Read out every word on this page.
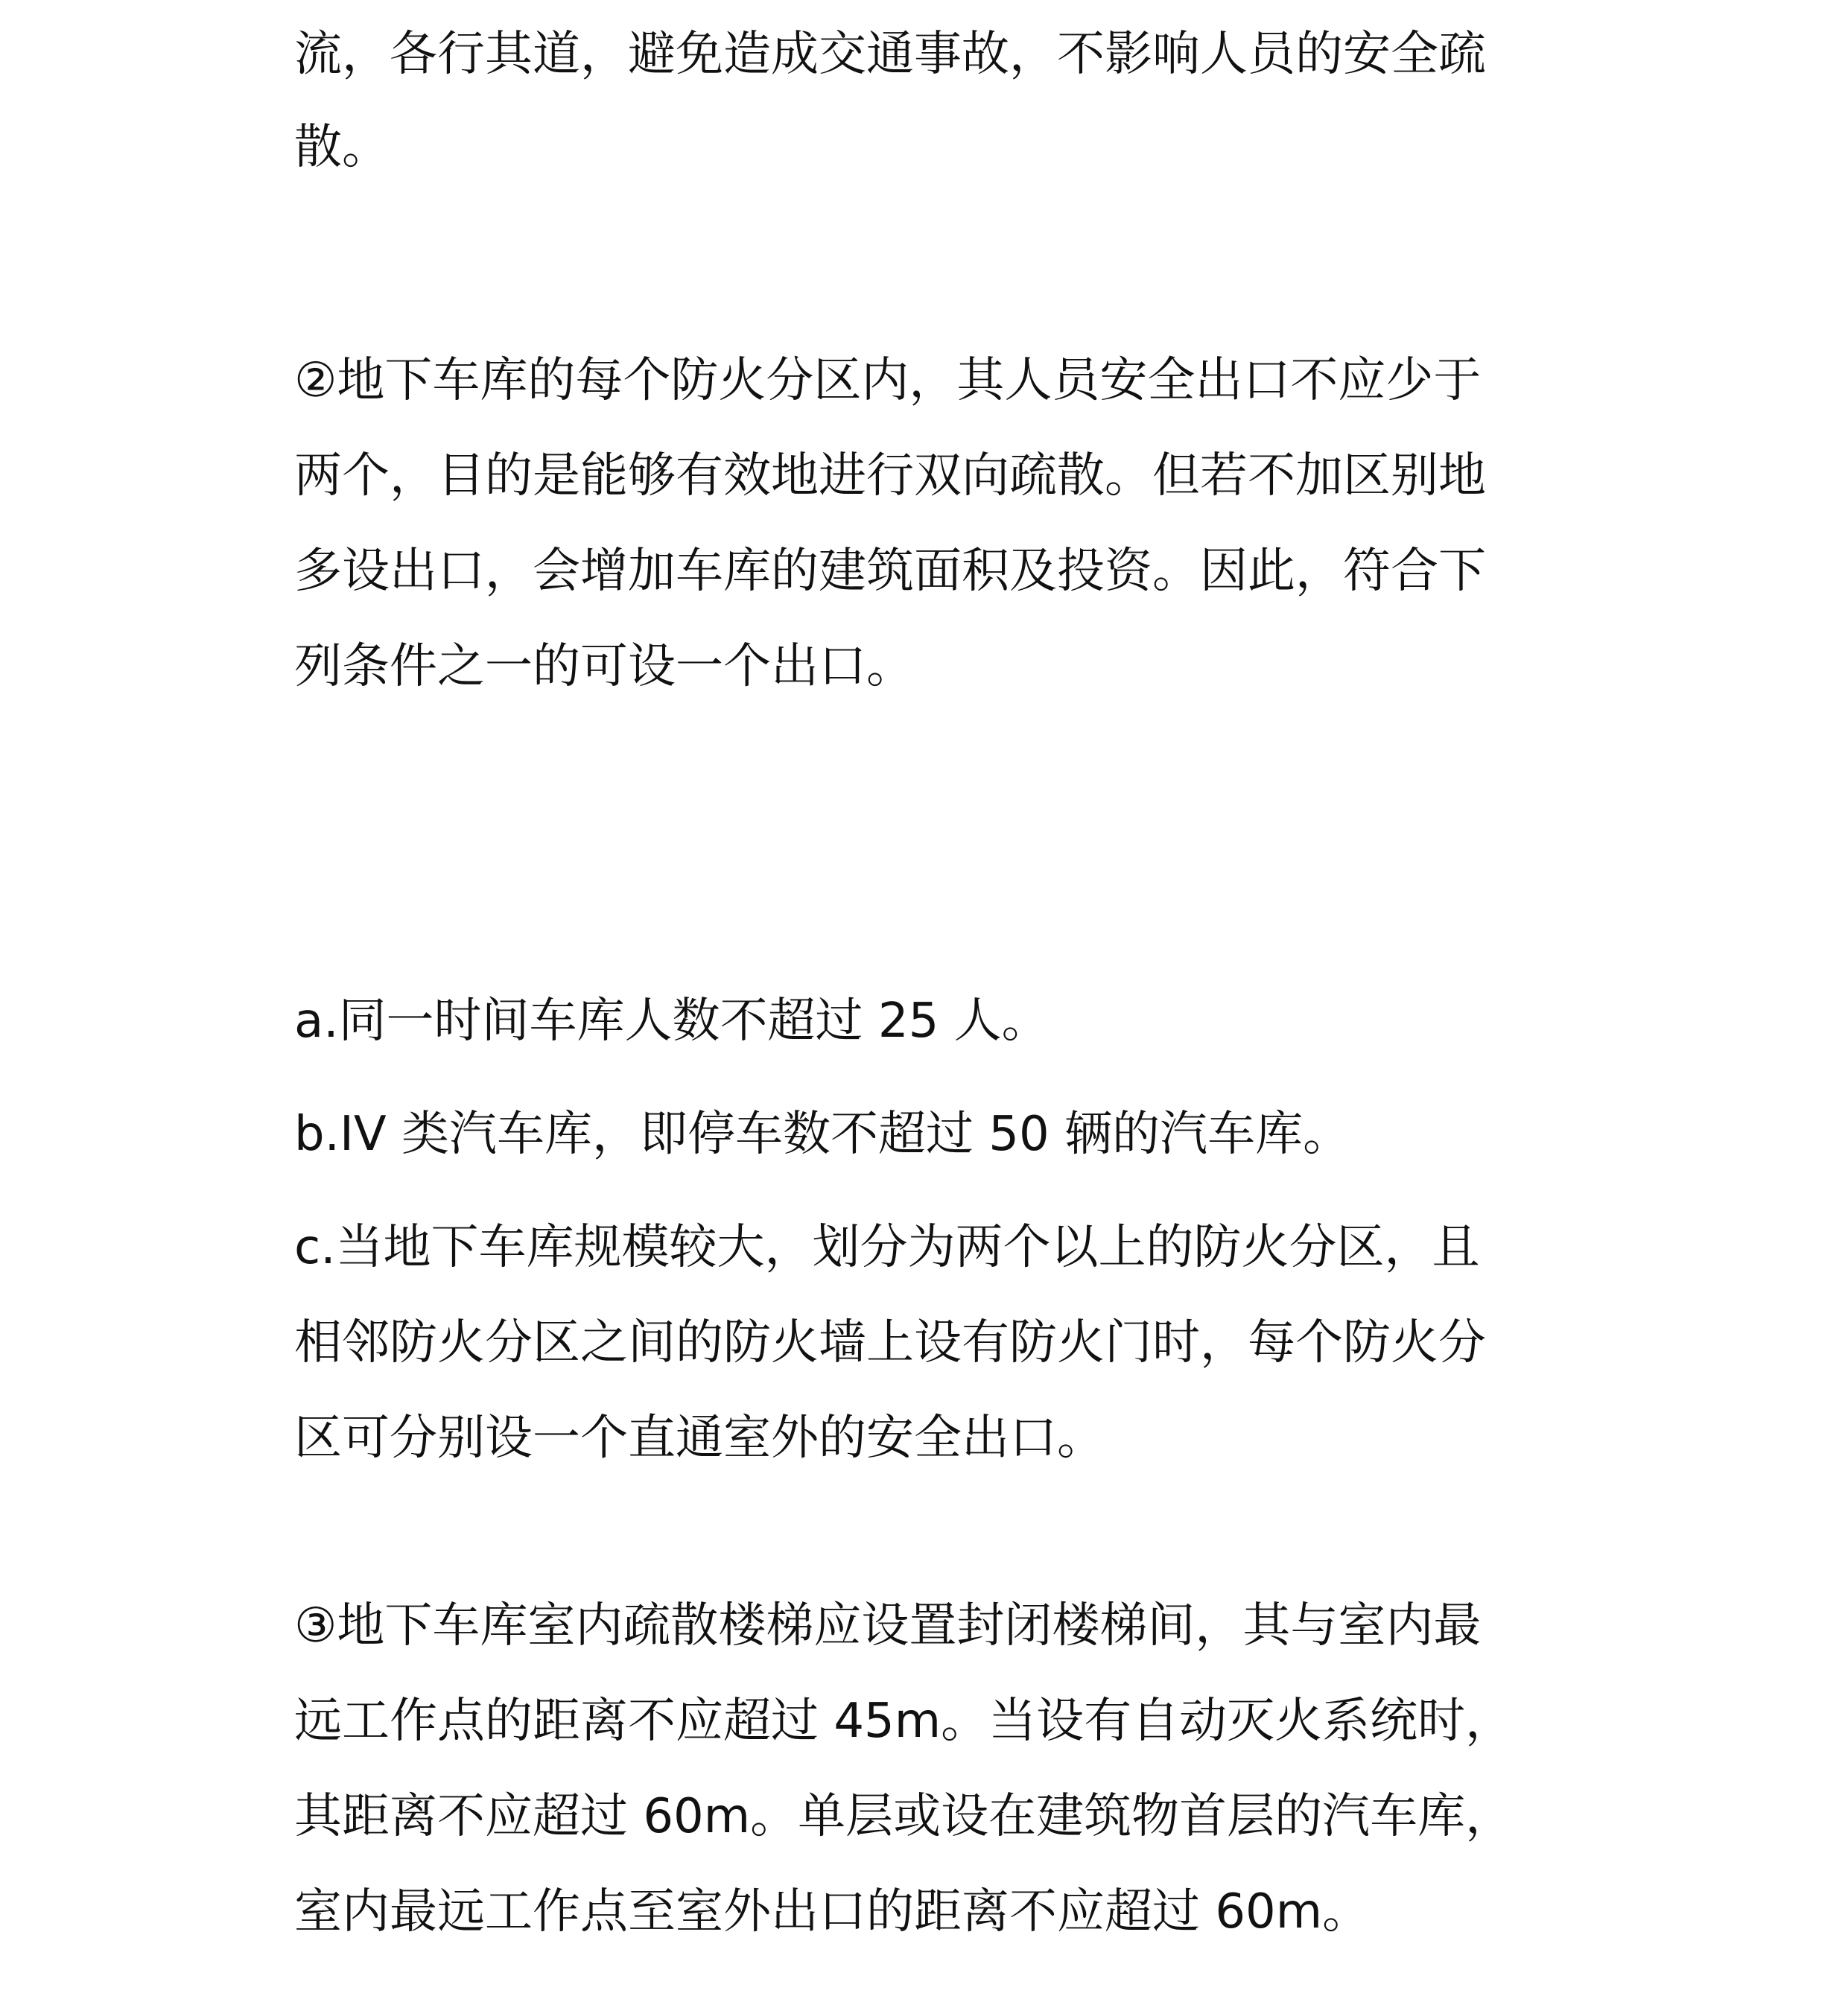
流，各行其道，避免造成交通事故，不影响人员的安全疏
散。
②地下车库的每个防火分区内，其人员安全出口不应少于
两个，目的是能够有效地进行双向疏散。但若不加区别地
多设出口，会增加车库的建筑面积及投资。因此，符合下
列条件之一的可设一个出口。
a.同一时间车库人数不超过 25 人。
b.IV 类汽车库，即停车数不超过 50 辆的汽车库。
c.当地下车库规模较大，划分为两个以上的防火分区，且
相邻防火分区之间的防火墙上设有防火门时，每个防火分
区可分别设一个直通室外的安全出口。
③地下车库室内疏散楼梯应设置封闭楼梯间，其与室内最
远工作点的距离不应超过 45m。当设有自动灭火系统时，
其距离不应超过 60m。单层或设在建筑物首层的汽车库，
室内最远工作点至室外出口的距离不应超过 60m。
